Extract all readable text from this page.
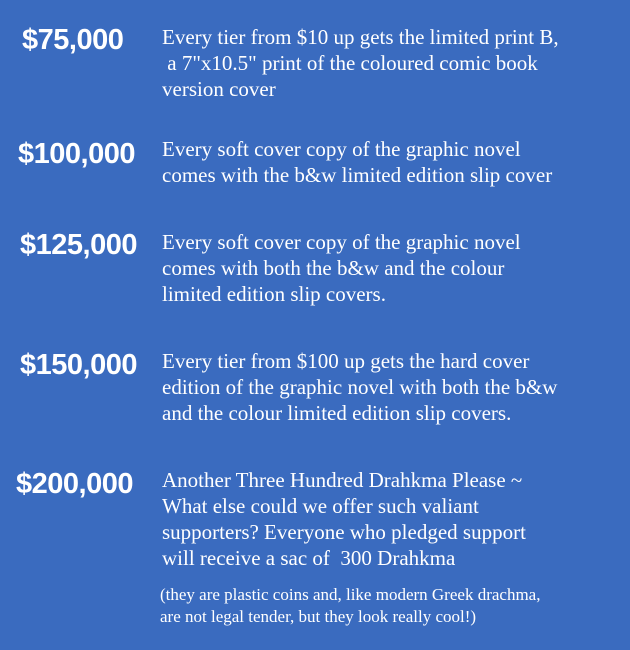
$75,000 Every tier from $10 up gets the limited print B,
a 7"x10.5" print of the coloured comic book
version cover
$100,000 Every soft cover copy of the graphic novel
comes with the b&w limited edition slip cover
$125,000 Every soft cover copy of the graphic novel
comes with both the b&w and the colour
limited edition slip covers.
$150,000 Every tier from $100 up gets the hard cover
edition of the graphic novel with both the b&w
and the colour limited edition slip covers.
$200,000 Another Three Hundred Drahkma Please ~
What else could we offer such valiant
supporters? Everyone who pledged support
will receive a sac of  300 Drahkma
(they are plastic coins and, like modern Greek drachma,
are not legal tender, but they look really cool!)
